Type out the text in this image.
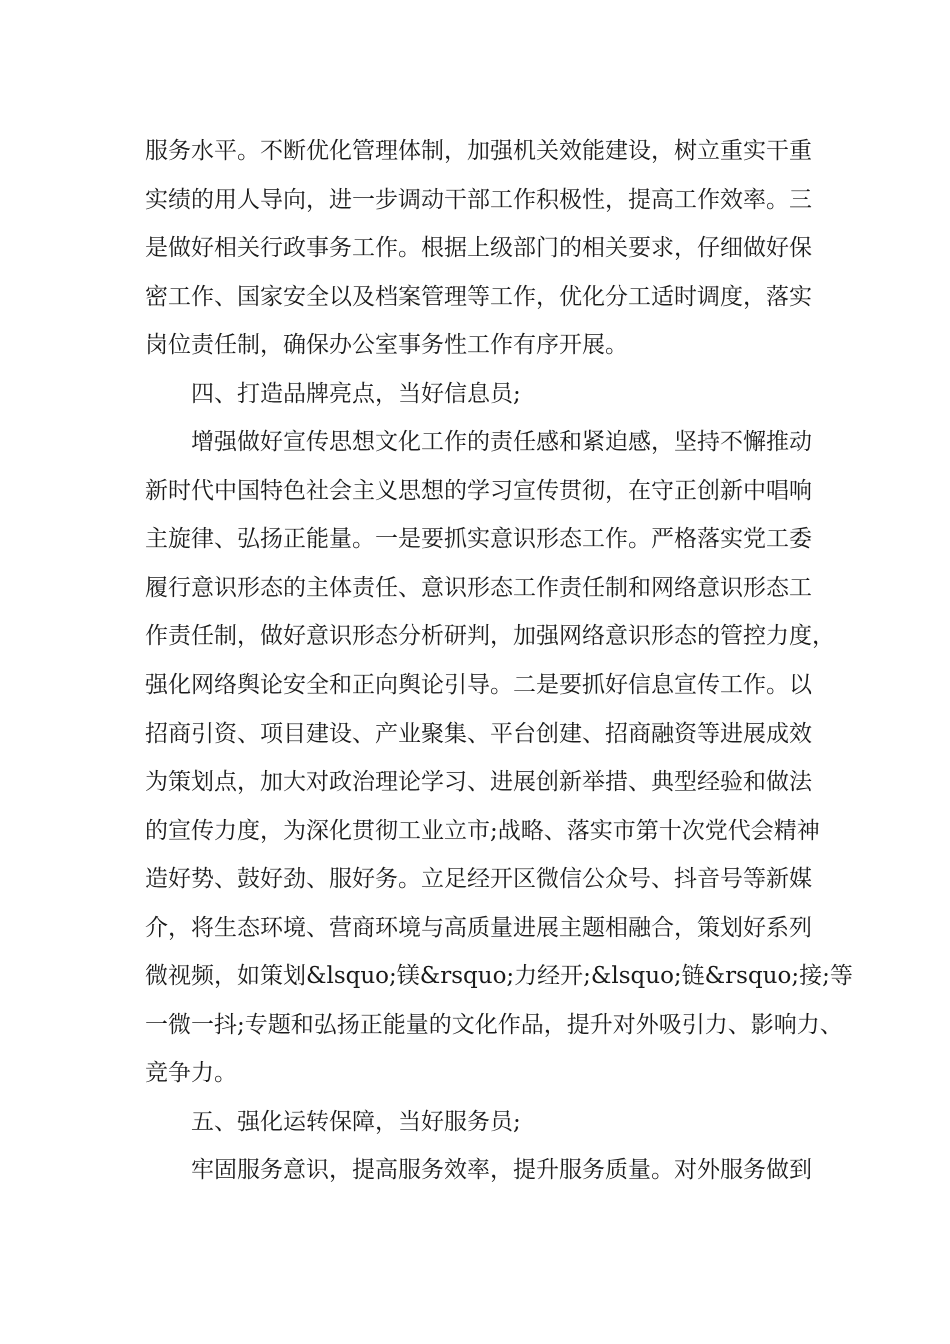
服务水平。不断优化管理体制，加强机关效能建设，树立重实干重
实绩的用人导向，进一步调动干部工作积极性，提高工作效率。三
是做好相关行政事务工作。根据上级部门的相关要求，仔细做好保
密工作、国家安全以及档案管理等工作，优化分工适时调度，落实
岗位责任制，确保办公室事务性工作有序开展。
四、打造品牌亮点，当好信息员;
增强做好宣传思想文化工作的责任感和紧迫感，坚持不懈推动
新时代中国特色社会主义思想的学习宣传贯彻，在守正创新中唱响
主旋律、弘扬正能量。一是要抓实意识形态工作。严格落实党工委
履行意识形态的主体责任、意识形态工作责任制和网络意识形态工
作责任制，做好意识形态分析研判，加强网络意识形态的管控力度，
强化网络舆论安全和正向舆论引导。二是要抓好信息宣传工作。以
招商引资、项目建设、产业聚集、平台创建、招商融资等进展成效
为策划点，加大对政治理论学习、进展创新举措、典型经验和做法
的宣传力度，为深化贯彻工业立市;战略、落实市第十次党代会精神
造好势、鼓好劲、服好务。立足经开区微信公众号、抖音号等新媒
介，将生态环境、营商环境与高质量进展主题相融合，策划好系列
微视频，如策划&lsquo;镁&rsquo;力经开;&lsquo;链&rsquo;接;等
一微一抖;专题和弘扬正能量的文化作品，提升对外吸引力、影响力、
竞争力。
五、强化运转保障，当好服务员;
牢固服务意识，提高服务效率，提升服务质量。对外服务做到
